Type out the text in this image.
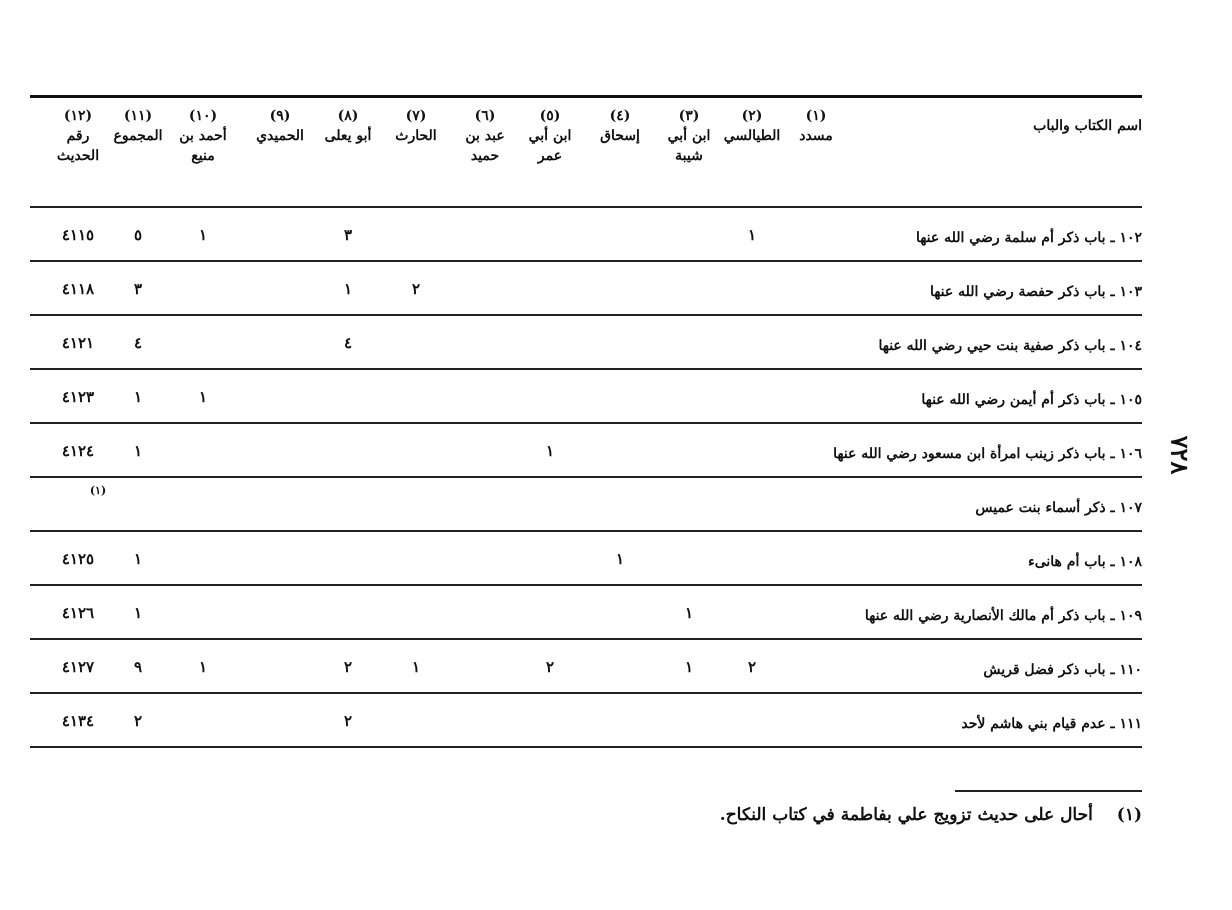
٧٢٨
اسم الكتاب والباب
(١)
مسدد
(٢)
الطيالسي
(٣)
ابن أبي
شيبة
(٤)
إسحاق
(٥)
ابن أبي
عمر
(٦)
عبد بن
حميد
(٧)
الحارث
(٨)
أبو يعلى
(٩)
الحميدي
(١٠)
أحمد بن
منيع
(١١)
المجموع
(١٢)
رقم الحديث
١٠٢ ـ باب ذكر أم سلمة رضي الله عنها
١
٣
١
٥
٤١١٥
١٠٣ ـ باب ذكر حفصة رضي الله عنها
٢
١
٣
٤١١٨
١٠٤ ـ باب ذكر صفية بنت حيي رضي الله عنها
٤
٤
٤١٢١
١٠٥ ـ باب ذكر أم أيمن رضي الله عنها
١
١
٤١٢٣
١٠٦ ـ باب ذكر زينب امرأة ابن مسعود رضي الله عنها
١
١
٤١٢٤
١٠٧ ـ ذكر أسماء بنت عميس
(١)
١٠٨ ـ باب أم هانىء
١
١
٤١٢٥
١٠٩ ـ باب ذكر أم مالك الأنصارية رضي الله عنها
١
١
٤١٢٦
١١٠ ـ باب ذكر فضل قريش
٢
١
٢
١
٢
١
٩
٤١٢٧
١١١ ـ عدم قيام بني هاشم لأحد
٢
٢
٤١٣٤
(١) أحال على حديث تزويج علي بفاطمة في كتاب النكاح.
